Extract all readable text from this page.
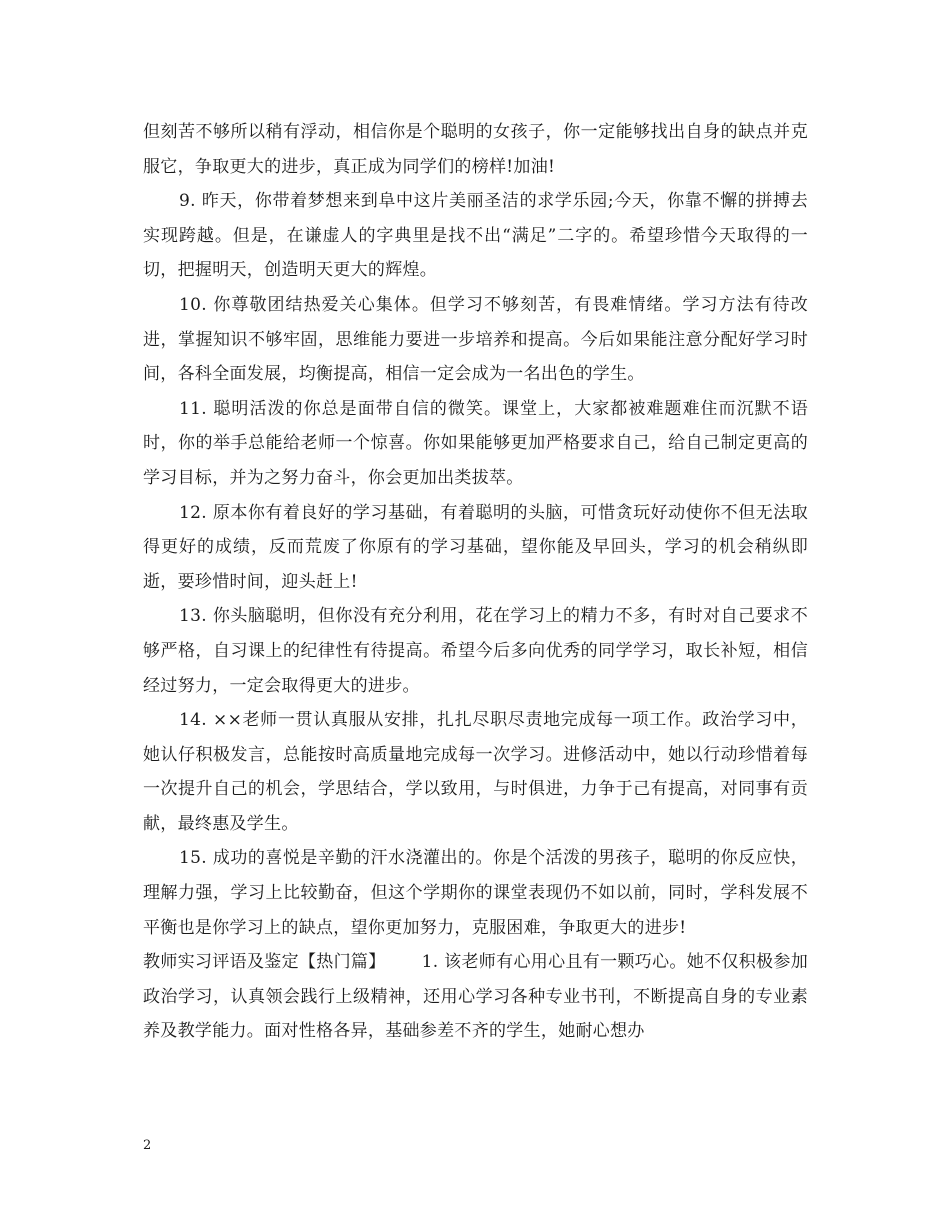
但刻苦不够所以稍有浮动，相信你是个聪明的女孩子，你一定能够找出自身的缺点并克服它，争取更大的进步，真正成为同学们的榜样!加油!

9. 昨天，你带着梦想来到阜中这片美丽圣洁的求学乐园;今天，你靠不懈的拼搏去实现跨越。但是，在谦虚人的字典里是找不出“满足”二字的。希望珍惜今天取得的一切，把握明天，创造明天更大的辉煌。

10. 你尊敬团结热爱关心集体。但学习不够刻苦，有畏难情绪。学习方法有待改进，掌握知识不够牢固，思维能力要进一步培养和提高。今后如果能注意分配好学习时间，各科全面发展，均衡提高，相信一定会成为一名出色的学生。

11. 聪明活泼的你总是面带自信的微笑。课堂上，大家都被难题难住而沉默不语时，你的举手总能给老师一个惊喜。你如果能够更加严格要求自己，给自己制定更高的学习目标，并为之努力奋斗，你会更加出类拔萃。

12. 原本你有着良好的学习基础，有着聪明的头脑，可惜贪玩好动使你不但无法取得更好的成绩，反而荒废了你原有的学习基础，望你能及早回头，学习的机会稍纵即逝，要珍惜时间，迎头赶上!

13. 你头脑聪明，但你没有充分利用，花在学习上的精力不多，有时对自己要求不够严格，自习课上的纪律性有待提高。希望今后多向优秀的同学学习，取长补短，相信经过努力，一定会取得更大的进步。

14. ××老师一贯认真服从安排，扎扎尽职尽责地完成每一项工作。政治学习中，她认仔积极发言，总能按时高质量地完成每一次学习。进修活动中，她以行动珍惜着每一次提升自己的机会，学思结合，学以致用，与时俱进，力争于己有提高，对同事有贡献，最终惠及学生。

15. 成功的喜悦是辛勤的汗水浇灌出的。你是个活泼的男孩子，聪明的你反应快，理解力强，学习上比较勤奋，但这个学期你的课堂表现仍不如以前，同时，学科发展不平衡也是你学习上的缺点，望你更加努力，克服困难，争取更大的进步!

教师实习评语及鉴定【热门篇】 1. 该老师有心用心且有一颗巧心。她不仅积极参加政治学习，认真领会践行上级精神，还用心学习各种专业书刊，不断提高自身的专业素养及教学能力。面对性格各异，基础参差不齐的学生，她耐心想办

2
